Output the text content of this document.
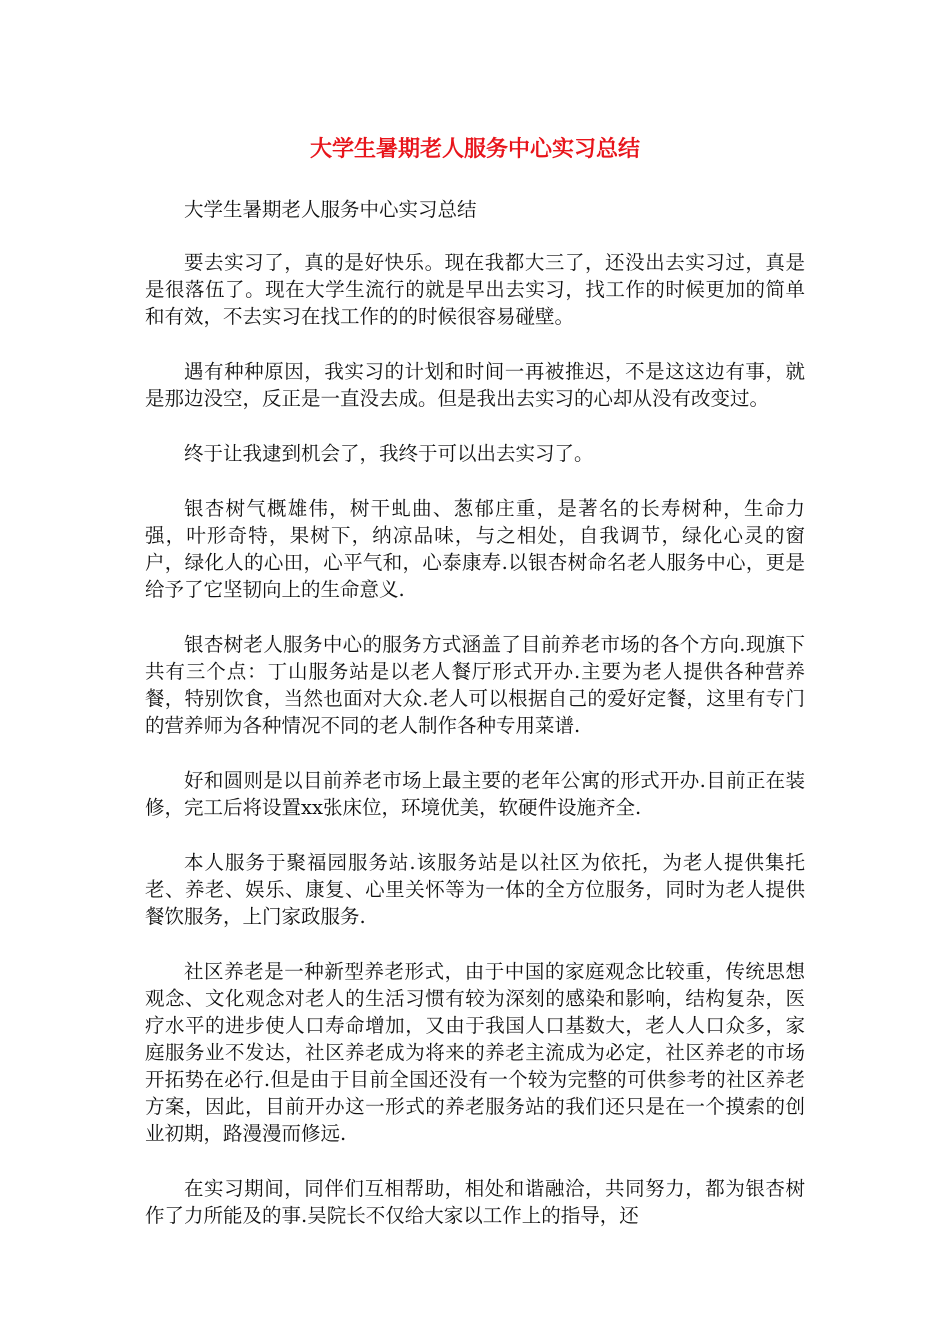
大学生暑期老人服务中心实习总结

大学生暑期老人服务中心实习总结

要去实习了，真的是好快乐。现在我都大三了，还没出去实习过，真是是很落伍了。现在大学生流行的就是早出去实习，找工作的时候更加的简单和有效，不去实习在找工作的的时候很容易碰壁。

遇有种种原因，我实习的计划和时间一再被推迟，不是这这边有事，就是那边没空，反正是一直没去成。但是我出去实习的心却从没有改变过。

终于让我逮到机会了，我终于可以出去实习了。

银杏树气概雄伟，树干虬曲、葱郁庄重，是著名的长寿树种，生命力强，叶形奇特，果树下，纳凉品味，与之相处，自我调节，绿化心灵的窗户，绿化人的心田，心平气和，心泰康寿.以银杏树命名老人服务中心，更是给予了它坚韧向上的生命意义.

银杏树老人服务中心的服务方式涵盖了目前养老市场的各个方向.现旗下共有三个点：丁山服务站是以老人餐厅形式开办.主要为老人提供各种营养餐，特别饮食，当然也面对大众.老人可以根据自己的爱好定餐，这里有专门的营养师为各种情况不同的老人制作各种专用菜谱.

好和圆则是以目前养老市场上最主要的老年公寓的形式开办.目前正在装修，完工后将设置xx张床位，环境优美，软硬件设施齐全.

本人服务于聚福园服务站.该服务站是以社区为依托，为老人提供集托老、养老、娱乐、康复、心里关怀等为一体的全方位服务，同时为老人提供餐饮服务，上门家政服务.

社区养老是一种新型养老形式，由于中国的家庭观念比较重，传统思想观念、文化观念对老人的生活习惯有较为深刻的感染和影响，结构复杂，医疗水平的进步使人口寿命增加，又由于我国人口基数大，老人人口众多，家庭服务业不发达，社区养老成为将来的养老主流成为必定，社区养老的市场开拓势在必行.但是由于目前全国还没有一个较为完整的可供参考的社区养老方案，因此，目前开办这一形式的养老服务站的我们还只是在一个摸索的创业初期，路漫漫而修远.

在实习期间，同伴们互相帮助，相处和谐融洽，共同努力，都为银杏树作了力所能及的事.吴院长不仅给大家以工作上的指导，还
